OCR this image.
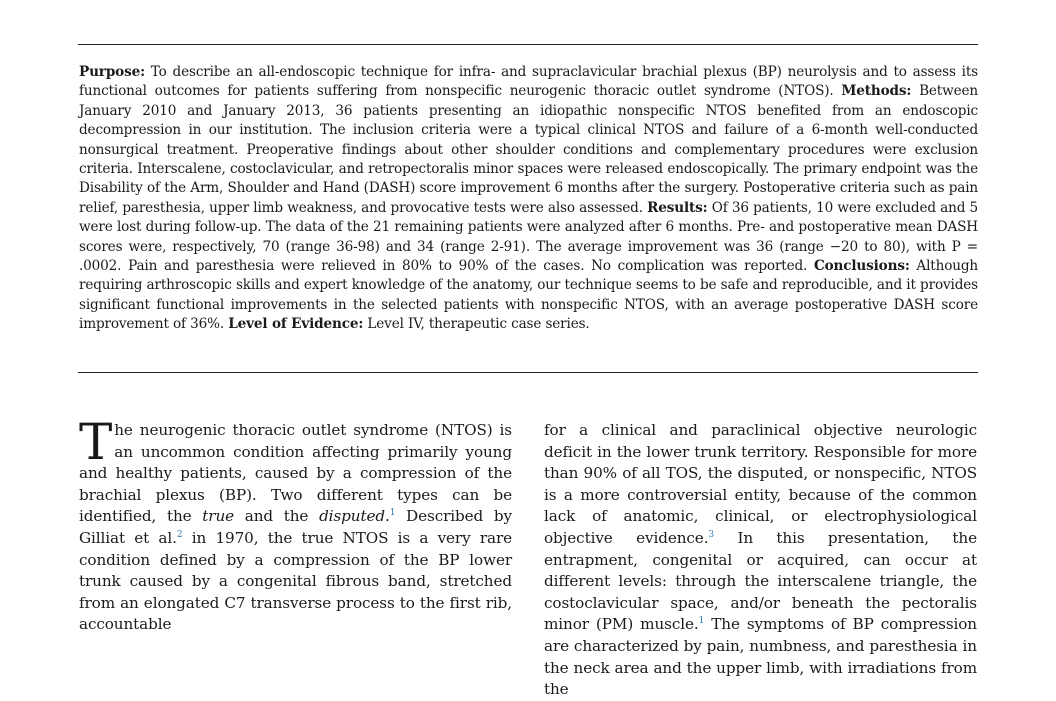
Purpose: To describe an all-endoscopic technique for infra- and supraclavicular brachial plexus (BP) neurolysis and to assess its functional outcomes for patients suffering from nonspecific neurogenic thoracic outlet syndrome (NTOS). Methods: Between January 2010 and January 2013, 36 patients presenting an idiopathic nonspecific NTOS benefited from an endoscopic decompression in our institution. The inclusion criteria were a typical clinical NTOS and failure of a 6-month well-conducted nonsurgical treatment. Preoperative findings about other shoulder conditions and complementary procedures were exclusion criteria. Interscalene, costoclavicular, and retropectoralis minor spaces were released endoscopically. The primary endpoint was the Disability of the Arm, Shoulder and Hand (DASH) score improvement 6 months after the surgery. Postoperative criteria such as pain relief, paresthesia, upper limb weakness, and provocative tests were also assessed. Results: Of 36 patients, 10 were excluded and 5 were lost during follow-up. The data of the 21 remaining patients were analyzed after 6 months. Pre- and postoperative mean DASH scores were, respectively, 70 (range 36-98) and 34 (range 2-91). The average improvement was 36 (range −20 to 80), with P = .0002. Pain and paresthesia were relieved in 80% to 90% of the cases. No complication was reported. Conclusions: Although requiring arthroscopic skills and expert knowledge of the anatomy, our technique seems to be safe and reproducible, and it provides significant functional improvements in the selected patients with nonspecific NTOS, with an average postoperative DASH score improvement of 36%. Level of Evidence: Level IV, therapeutic case series.
The neurogenic thoracic outlet syndrome (NTOS) is an uncommon condition affecting primarily young and healthy patients, caused by a compression of the brachial plexus (BP). Two different types can be identified, the true and the disputed.$^1$ Described by Gilliat et al.$^2$ in 1970, the true NTOS is a very rare condition defined by a compression of the BP lower trunk caused by a congenital fibrous band, stretched from an elongated C7 transverse process to the first rib, accountable
for a clinical and paraclinical objective neurologic deficit in the lower trunk territory. Responsible for more than 90% of all TOS, the disputed, or nonspecific, NTOS is a more controversial entity, because of the common lack of anatomic, clinical, or electrophysiological objective evidence.$^3$ In this presentation, the entrapment, congenital or acquired, can occur at different levels: through the interscalene triangle, the costoclavicular space, and/or beneath the pectoralis minor (PM) muscle.$^1$ The symptoms of BP compression are characterized by pain, numbness, and paresthesia in the neck area and the upper limb, with irradiations from the
